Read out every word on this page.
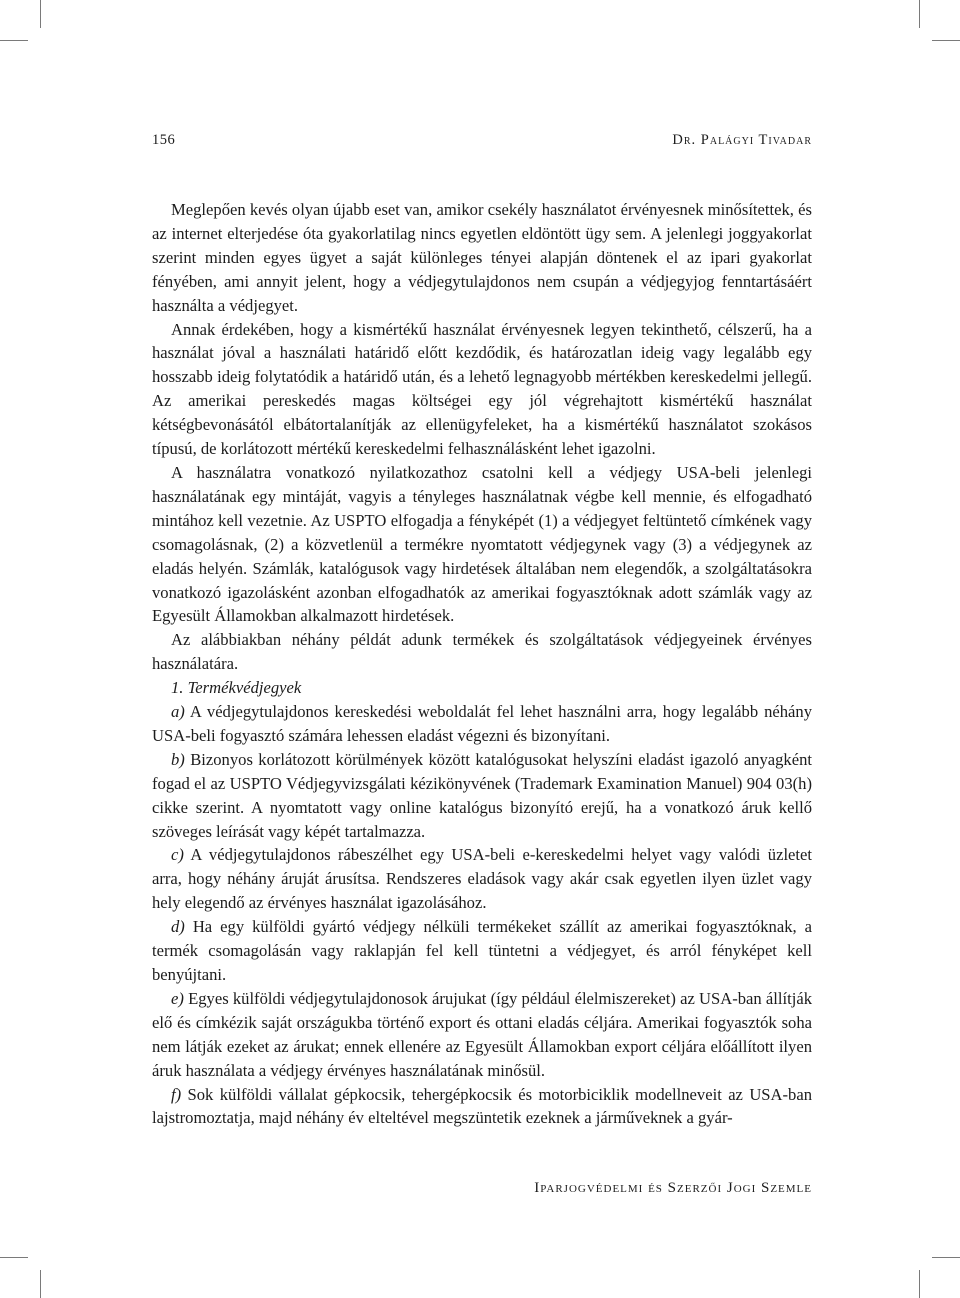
156	Dr. Palágyi Tivadar

Meglepően kevés olyan újabb eset van, amikor csekély használatot érvényesnek minősítettek, és az internet elterjedése óta gyakorlatilag nincs egyetlen eldöntött ügy sem. A jelenlegi joggyakorlat szerint minden egyes ügyet a saját különleges tényei alapján döntenek el az ipari gyakorlat fényében, ami annyit jelent, hogy a védjegytulajdonos nem csupán a védjegyjog fenntartásáért használta a védjegyet.

Annak érdekében, hogy a kismértékű használat érvényesnek legyen tekinthető, célszerű, ha a használat jóval a használati határidő előtt kezdődik, és határozatlan ideig vagy legalább egy hosszabb ideig folytatódik a határidő után, és a lehető legnagyobb mértékben kereskedelmi jellegű. Az amerikai pereskedés magas költségei egy jól végrehajtott kismértékű használat kétségbevonásától elbátortalanítják az ellenügyfeleket, ha a kismértékű használatot szokásos típusú, de korlátozott mértékű kereskedelmi felhasználásként lehet igazolni.

A használatra vonatkozó nyilatkozathoz csatolni kell a védjegy USA-beli jelenlegi használatának egy mintáját, vagyis a tényleges használatnak végbe kell mennie, és elfogadható mintához kell vezetnie. Az USPTO elfogadja a fényképét (1) a védjegyet feltüntető címkének vagy csomagolásnak, (2) a közvetlenül a termékre nyomtatott védjegynek vagy (3) a védjegynek az eladás helyén. Számlák, katalógusok vagy hirdetések általában nem elegendők, a szolgáltatásokra vonatkozó igazolásként azonban elfogadhatók az amerikai fogyasztóknak adott számlák vagy az Egyesült Államokban alkalmazott hirdetések.

Az alábbiakban néhány példát adunk termékek és szolgáltatások védjegyeinek érvényes használatára.

1. Termékvédjegyek

a) A védjegytulajdonos kereskedési weboldalát fel lehet használni arra, hogy legalább néhány USA-beli fogyasztó számára lehessen eladást végezni és bizonyítani.

b) Bizonyos korlátozott körülmények között katalógusokat helyszíni eladást igazoló anyagként fogad el az USPTO Védjegyvizsgálati kézikönyvének (Trademark Examination Manuel) 904 03(h) cikke szerint. A nyomtatott vagy online katalógus bizonyító erejű, ha a vonatkozó áruk kellő szöveges leírását vagy képét tartalmazza.

c) A védjegytulajdonos rábeszélhet egy USA-beli e-kereskedelmi helyet vagy valódi üzletet arra, hogy néhány áruját árusítsa. Rendszeres eladások vagy akár csak egyetlen ilyen üzlet vagy hely elegendő az érvényes használat igazolásához.

d) Ha egy külföldi gyártó védjegy nélküli termékeket szállít az amerikai fogyasztóknak, a termék csomagolásán vagy raklapján fel kell tüntetni a védjegyet, és arról fényképet kell benyújtani.

e) Egyes külföldi védjegytulajdonosok árujukat (így például élelmiszereket) az USA-ban állítják elő és címkézik saját országukba történő export és ottani eladás céljára. Amerikai fogyasztók soha nem látják ezeket az árukat; ennek ellenére az Egyesült Államokban export céljára előállított ilyen áruk használata a védjegy érvényes használatának minősül.

f) Sok külföldi vállalat gépkocsik, tehergépkocsik és motorbiciklik modellneveit az USA-ban lajstromoztatja, majd néhány év elteltével megszüntetik ezeknek a járműveknek a gyár-

Iparjogvédelmi és Szerzői Jogi Szemle
